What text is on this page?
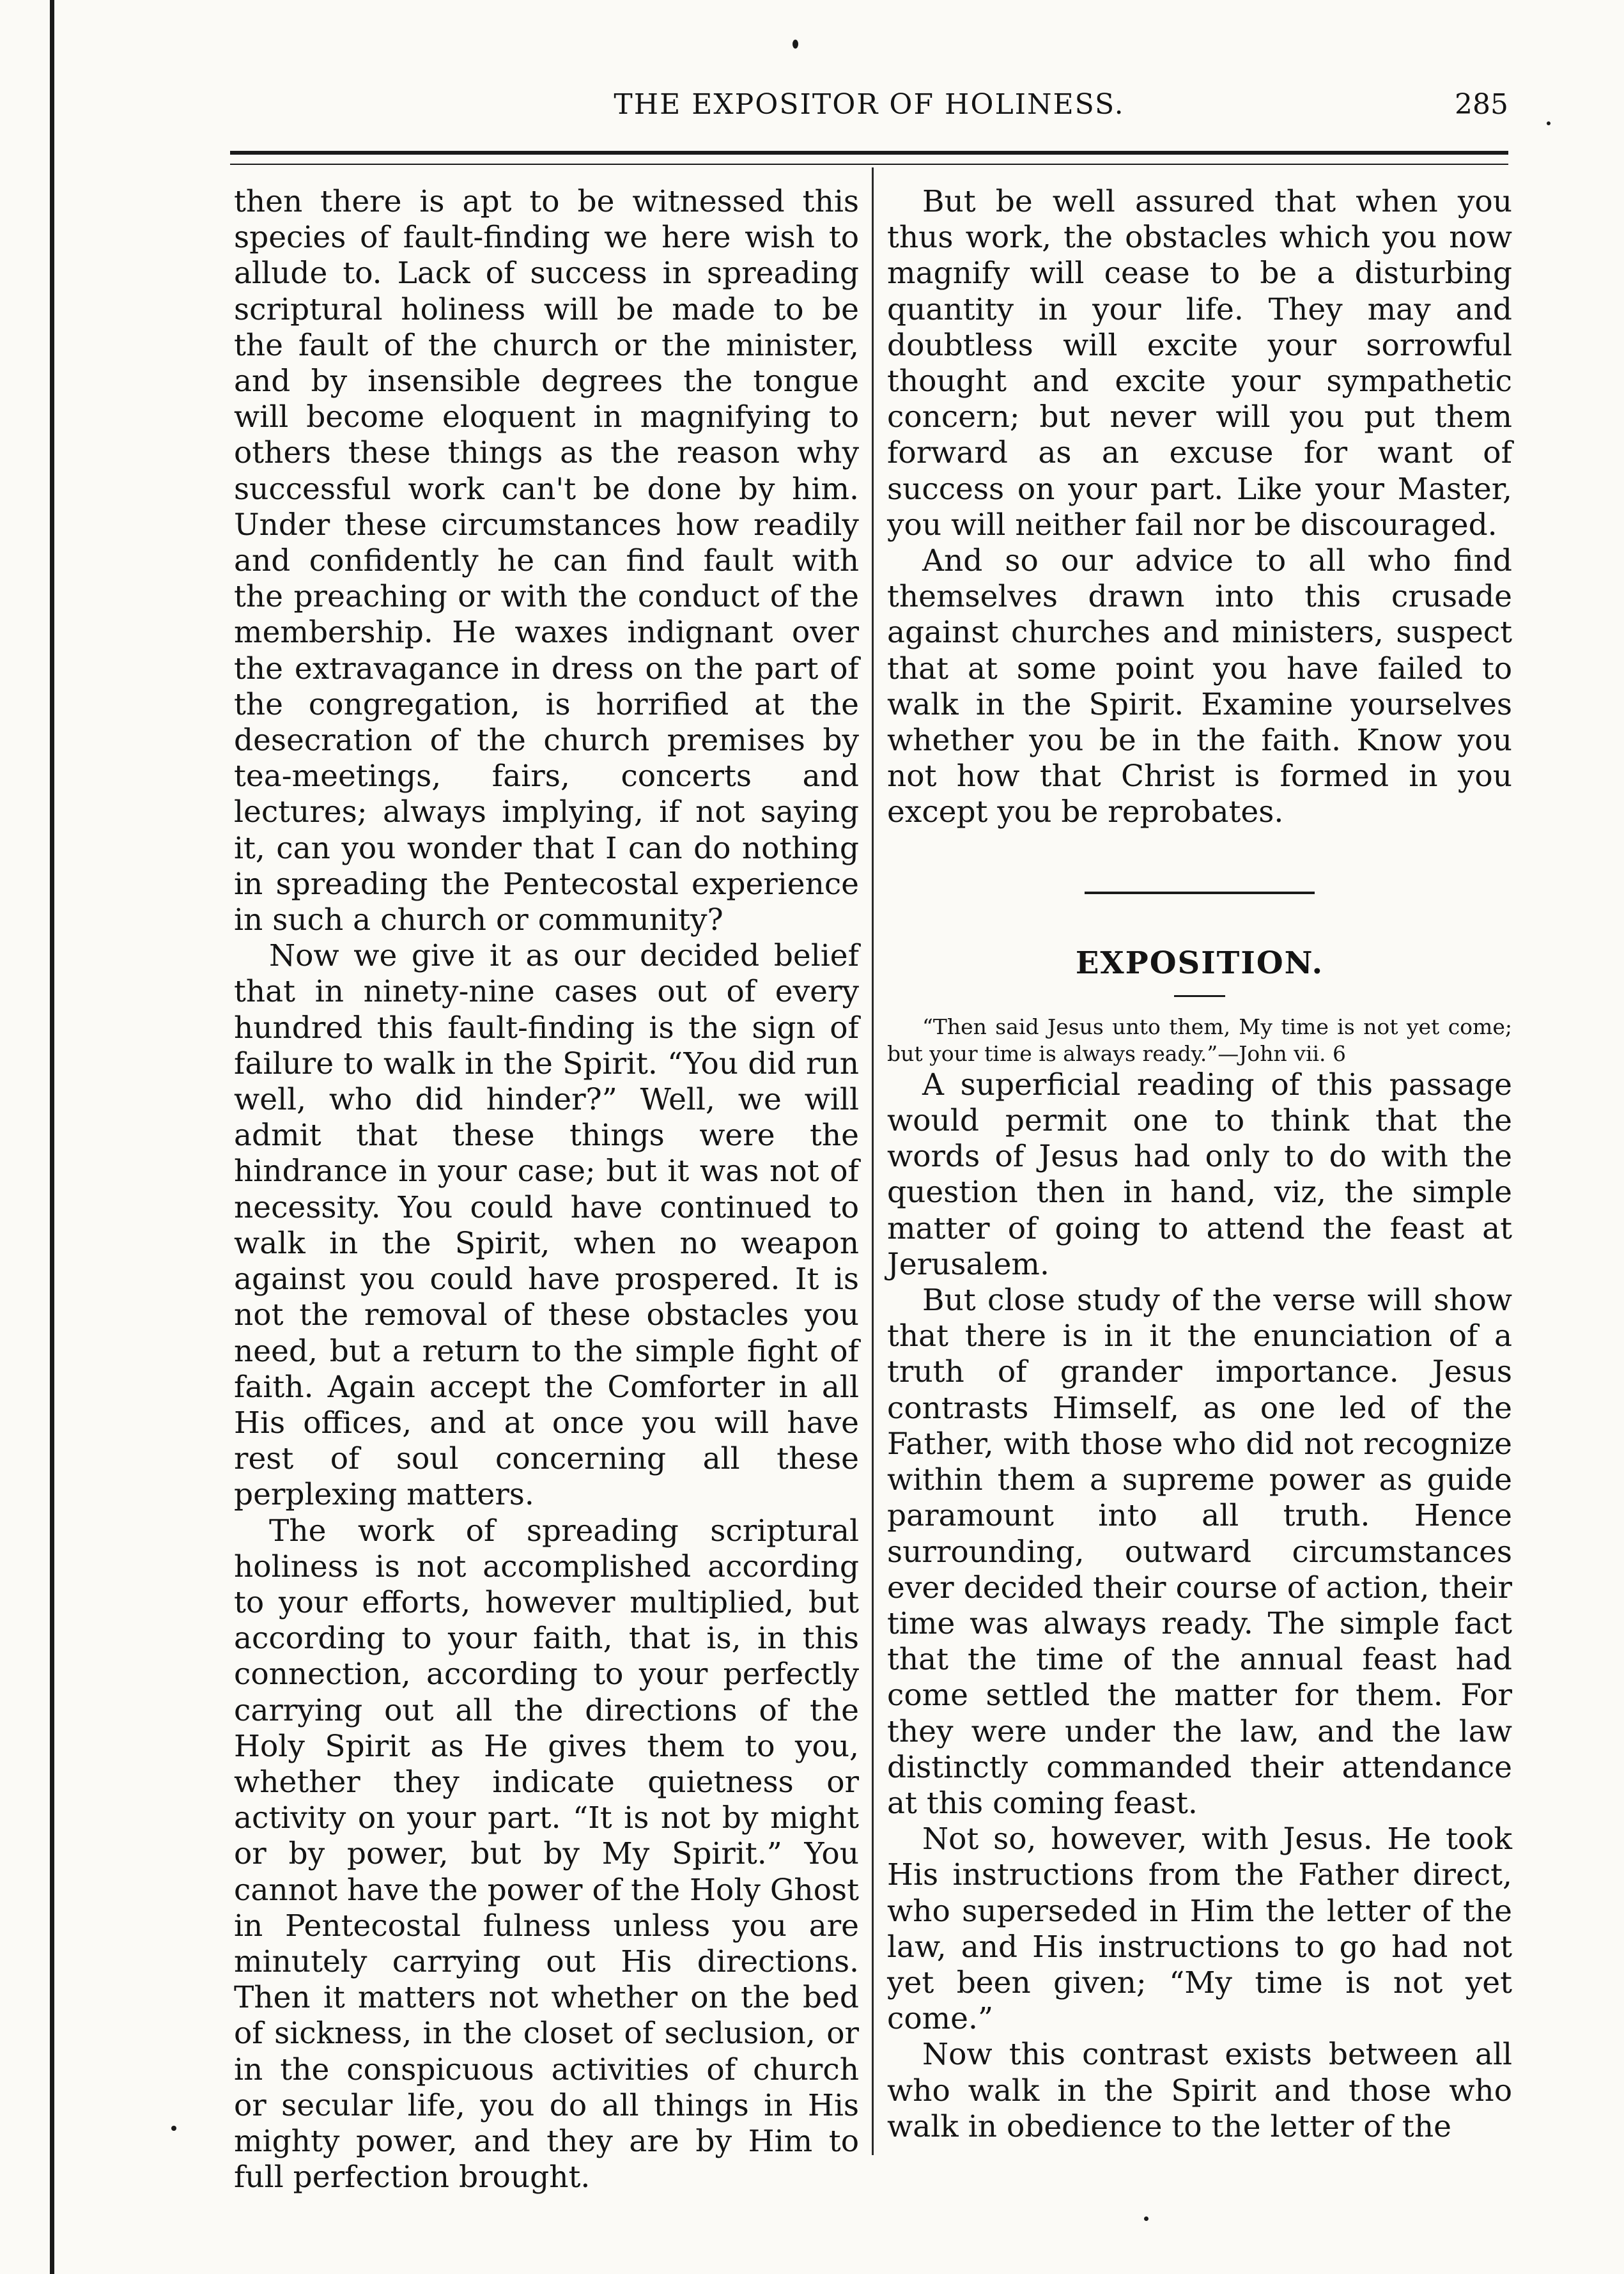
THE EXPOSITOR OF HOLINESS.	285

then there is apt to be witnessed this species of fault-finding we here wish to allude to. Lack of success in spreading scriptural holiness will be made to be the fault of the church or the minister, and by insensible degrees the tongue will become eloquent in magnifying to others these things as the reason why successful work can't be done by him. Under these circumstances how readily and confidently he can find fault with the preaching or with the conduct of the membership. He waxes indignant over the extravagance in dress on the part of the congregation, is horrified at the desecration of the church premises by tea-meetings, fairs, concerts and lectures; always implying, if not saying it, can you wonder that I can do nothing in spreading the Pentecostal experience in such a church or community?

Now we give it as our decided belief that in ninety-nine cases out of every hundred this fault-finding is the sign of failure to walk in the Spirit. “You did run well, who did hinder?” Well, we will admit that these things were the hindrance in your case; but it was not of necessity. You could have continued to walk in the Spirit, when no weapon against you could have prospered. It is not the removal of these obstacles you need, but a return to the simple fight of faith. Again accept the Comforter in all His offices, and at once you will have rest of soul concerning all these perplexing matters.

The work of spreading scriptural holiness is not accomplished according to your efforts, however multiplied, but according to your faith, that is, in this connection, according to your perfectly carrying out all the directions of the Holy Spirit as He gives them to you, whether they indicate quietness or activity on your part. “It is not by might or by power, but by My Spirit.” You cannot have the power of the Holy Ghost in Pentecostal fulness unless you are minutely carrying out His directions. Then it matters not whether on the bed of sickness, in the closet of seclusion, or in the conspicuous activities of church or secular life, you do all things in His mighty power, and they are by Him to full perfection brought.

But be well assured that when you thus work, the obstacles which you now magnify will cease to be a disturbing quantity in your life. They may and doubtless will excite your sorrowful thought and excite your sympathetic concern; but never will you put them forward as an excuse for want of success on your part. Like your Master, you will neither fail nor be discouraged.

And so our advice to all who find themselves drawn into this crusade against churches and ministers, suspect that at some point you have failed to walk in the Spirit. Examine yourselves whether you be in the faith. Know you not how that Christ is formed in you except you be reprobates.

EXPOSITION.

“Then said Jesus unto them, My time is not yet come; but your time is always ready.”—John vii. 6

A superficial reading of this passage would permit one to think that the words of Jesus had only to do with the question then in hand, viz, the simple matter of going to attend the feast at Jerusalem.

But close study of the verse will show that there is in it the enunciation of a truth of grander importance. Jesus contrasts Himself, as one led of the Father, with those who did not recognize within them a supreme power as guide paramount into all truth. Hence surrounding, outward circumstances ever decided their course of action, their time was always ready. The simple fact that the time of the annual feast had come settled the matter for them. For they were under the law, and the law distinctly commanded their attendance at this coming feast.

Not so, however, with Jesus. He took His instructions from the Father direct, who superseded in Him the letter of the law, and His instructions to go had not yet been given; “My time is not yet come.”

Now this contrast exists between all who walk in the Spirit and those who walk in obedience to the letter of the
